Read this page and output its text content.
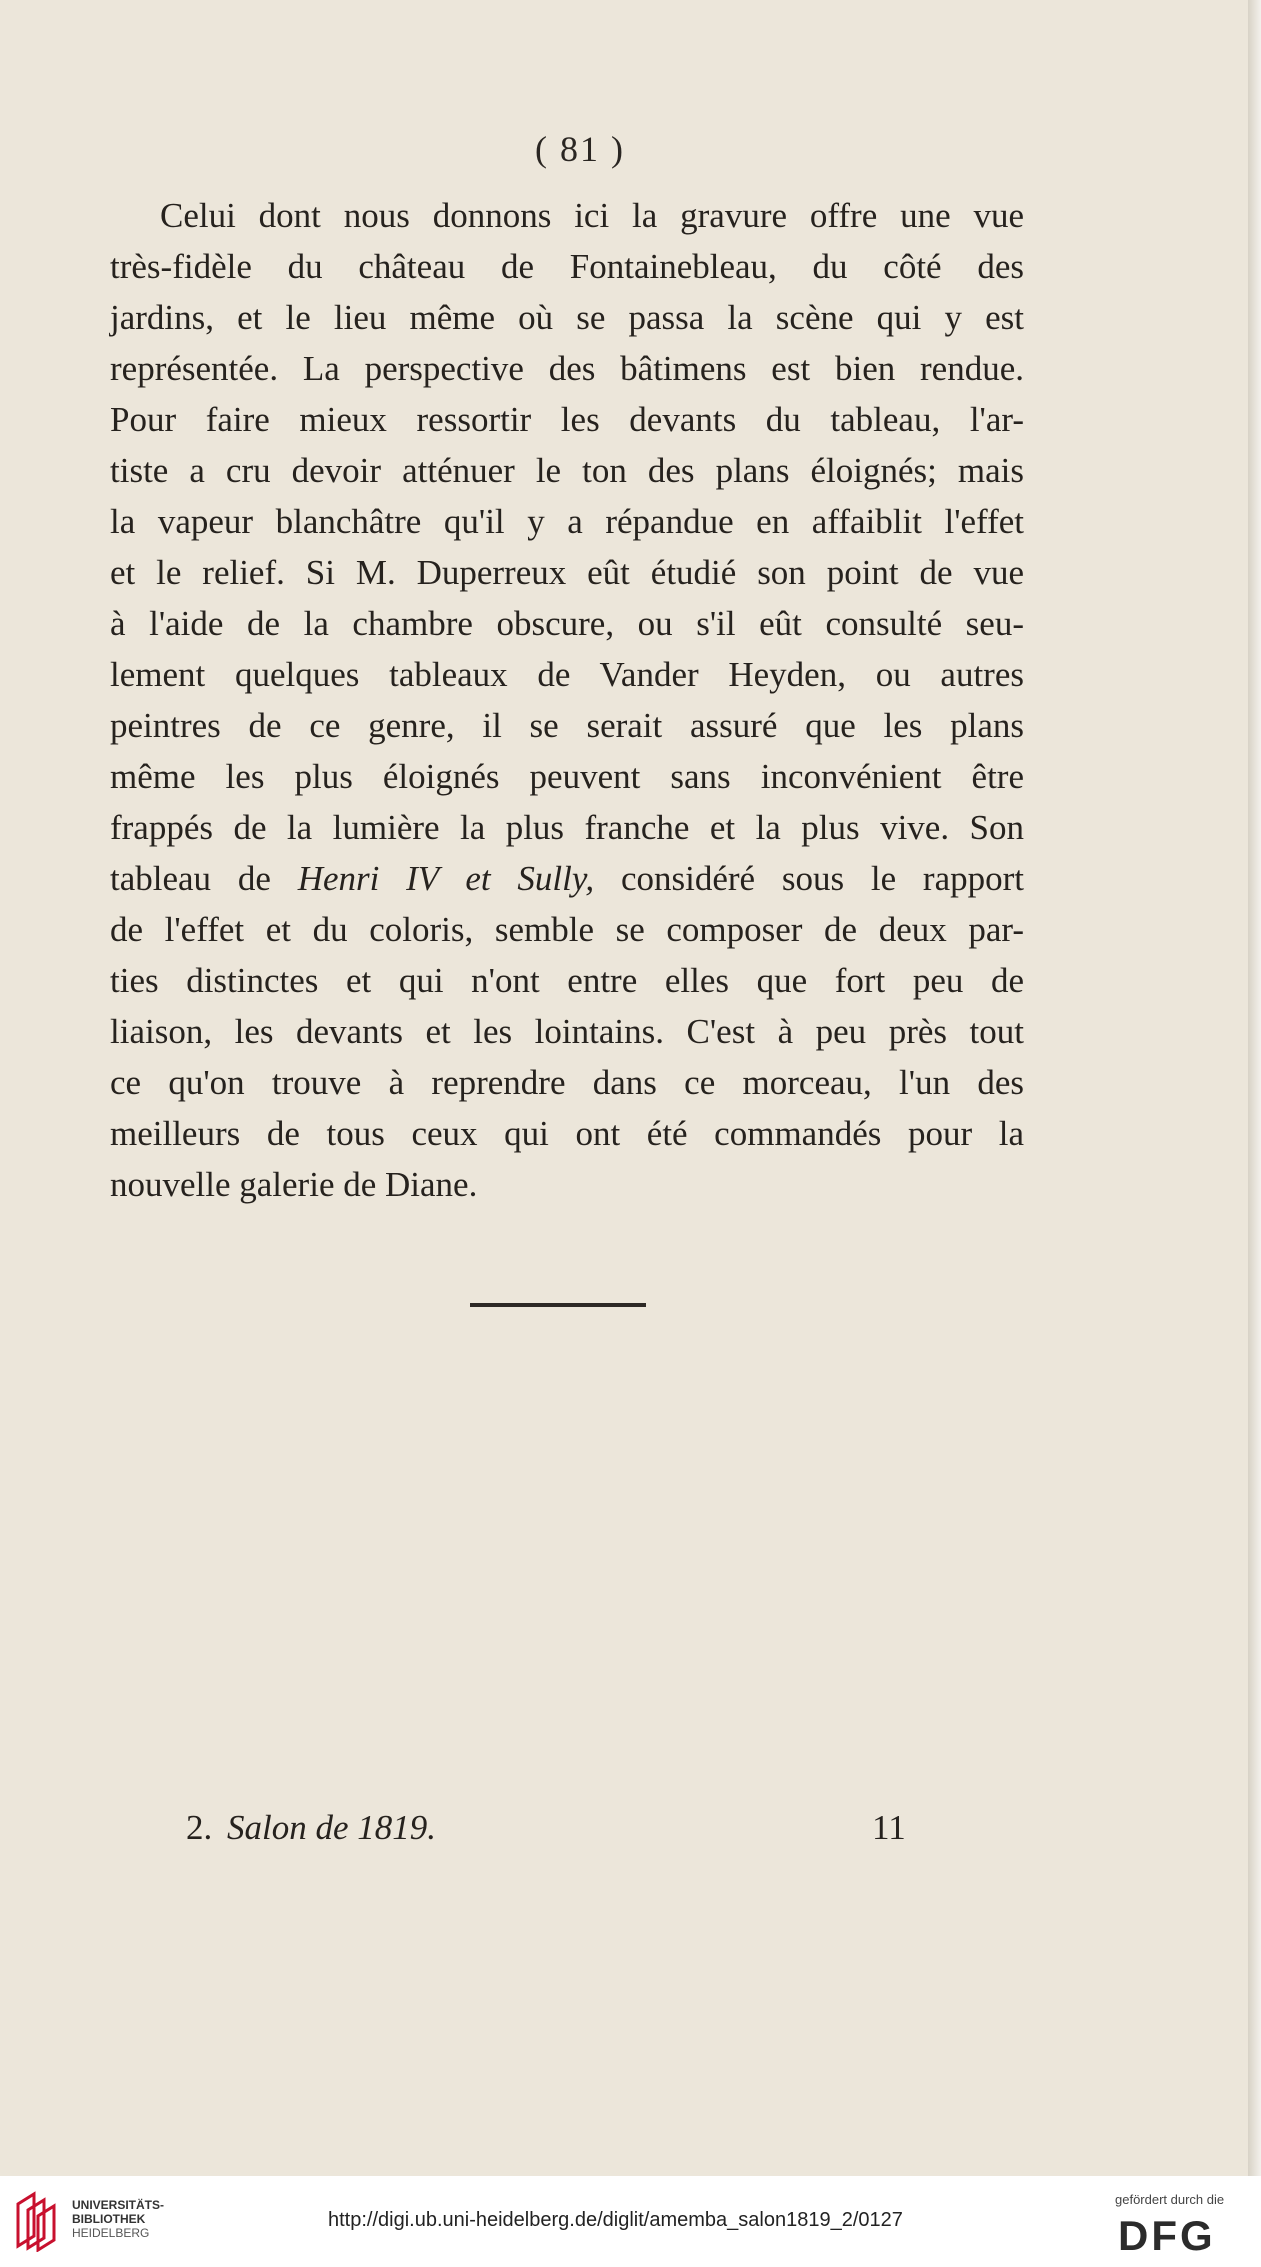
( 81 )
Celui dont nous donnons ici la gravure offre une vue
très-fidèle du château de Fontainebleau, du côté des
jardins, et le lieu même où se passa la scène qui y est
représentée. La perspective des bâtimens est bien rendue.
Pour faire mieux ressortir les devants du tableau, l'ar-
tiste a cru devoir atténuer le ton des plans éloignés; mais
la vapeur blanchâtre qu'il y a répandue en affaiblit l'effet
et le relief. Si M. Duperreux eût étudié son point de vue
à l'aide de la chambre obscure, ou s'il eût consulté seu-
lement quelques tableaux de Vander Heyden, ou autres
peintres de ce genre, il se serait assuré que les plans
même les plus éloignés peuvent sans inconvénient être
frappés de la lumière la plus franche et la plus vive. Son
tableau de Henri IV et Sully, considéré sous le rapport
de l'effet et du coloris, semble se composer de deux par-
ties distinctes et qui n'ont entre elles que fort peu de
liaison, les devants et les lointains. C'est à peu près tout
ce qu'on trouve à reprendre dans ce morceau, l'un des
meilleurs de tous ceux qui ont été commandés pour la
nouvelle galerie de Diane.
2. Salon de 1819.	11
UNIVERSITÄTS-
BIBLIOTHEK
HEIDELBERG
http://digi.ub.uni-heidelberg.de/diglit/amemba_salon1819_2/0127
gefördert durch die
DFG
